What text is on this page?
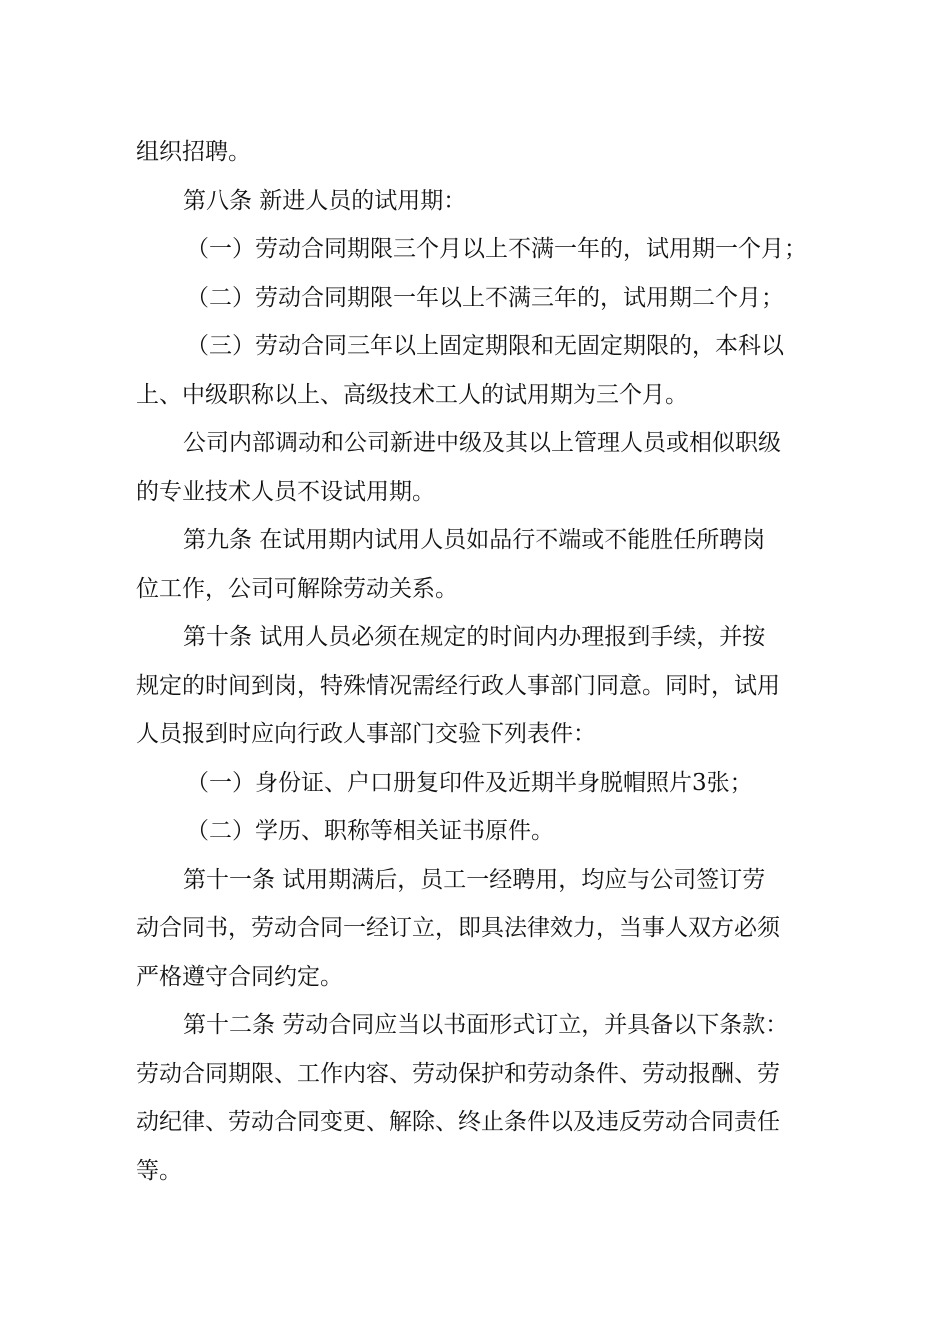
组织招聘。
第八条 新进人员的试用期：
（一）劳动合同期限三个月以上不满一年的，试用期一个月；
（二）劳动合同期限一年以上不满三年的，试用期二个月；
（三）劳动合同三年以上固定期限和无固定期限的，本科以
上、中级职称以上、高级技术工人的试用期为三个月。
公司内部调动和公司新进中级及其以上管理人员或相似职级
的专业技术人员不设试用期。
第九条 在试用期内试用人员如品行不端或不能胜任所聘岗
位工作，公司可解除劳动关系。
第十条 试用人员必须在规定的时间内办理报到手续，并按
规定的时间到岗，特殊情况需经行政人事部门同意。同时，试用
人员报到时应向行政人事部门交验下列表件：
（一）身份证、户口册复印件及近期半身脱帽照片3张；
（二）学历、职称等相关证书原件。
第十一条 试用期满后，员工一经聘用，均应与公司签订劳
动合同书，劳动合同一经订立，即具法律效力，当事人双方必须
严格遵守合同约定。
第十二条 劳动合同应当以书面形式订立，并具备以下条款：
劳动合同期限、工作内容、劳动保护和劳动条件、劳动报酬、劳
动纪律、劳动合同变更、解除、终止条件以及违反劳动合同责任
等。
